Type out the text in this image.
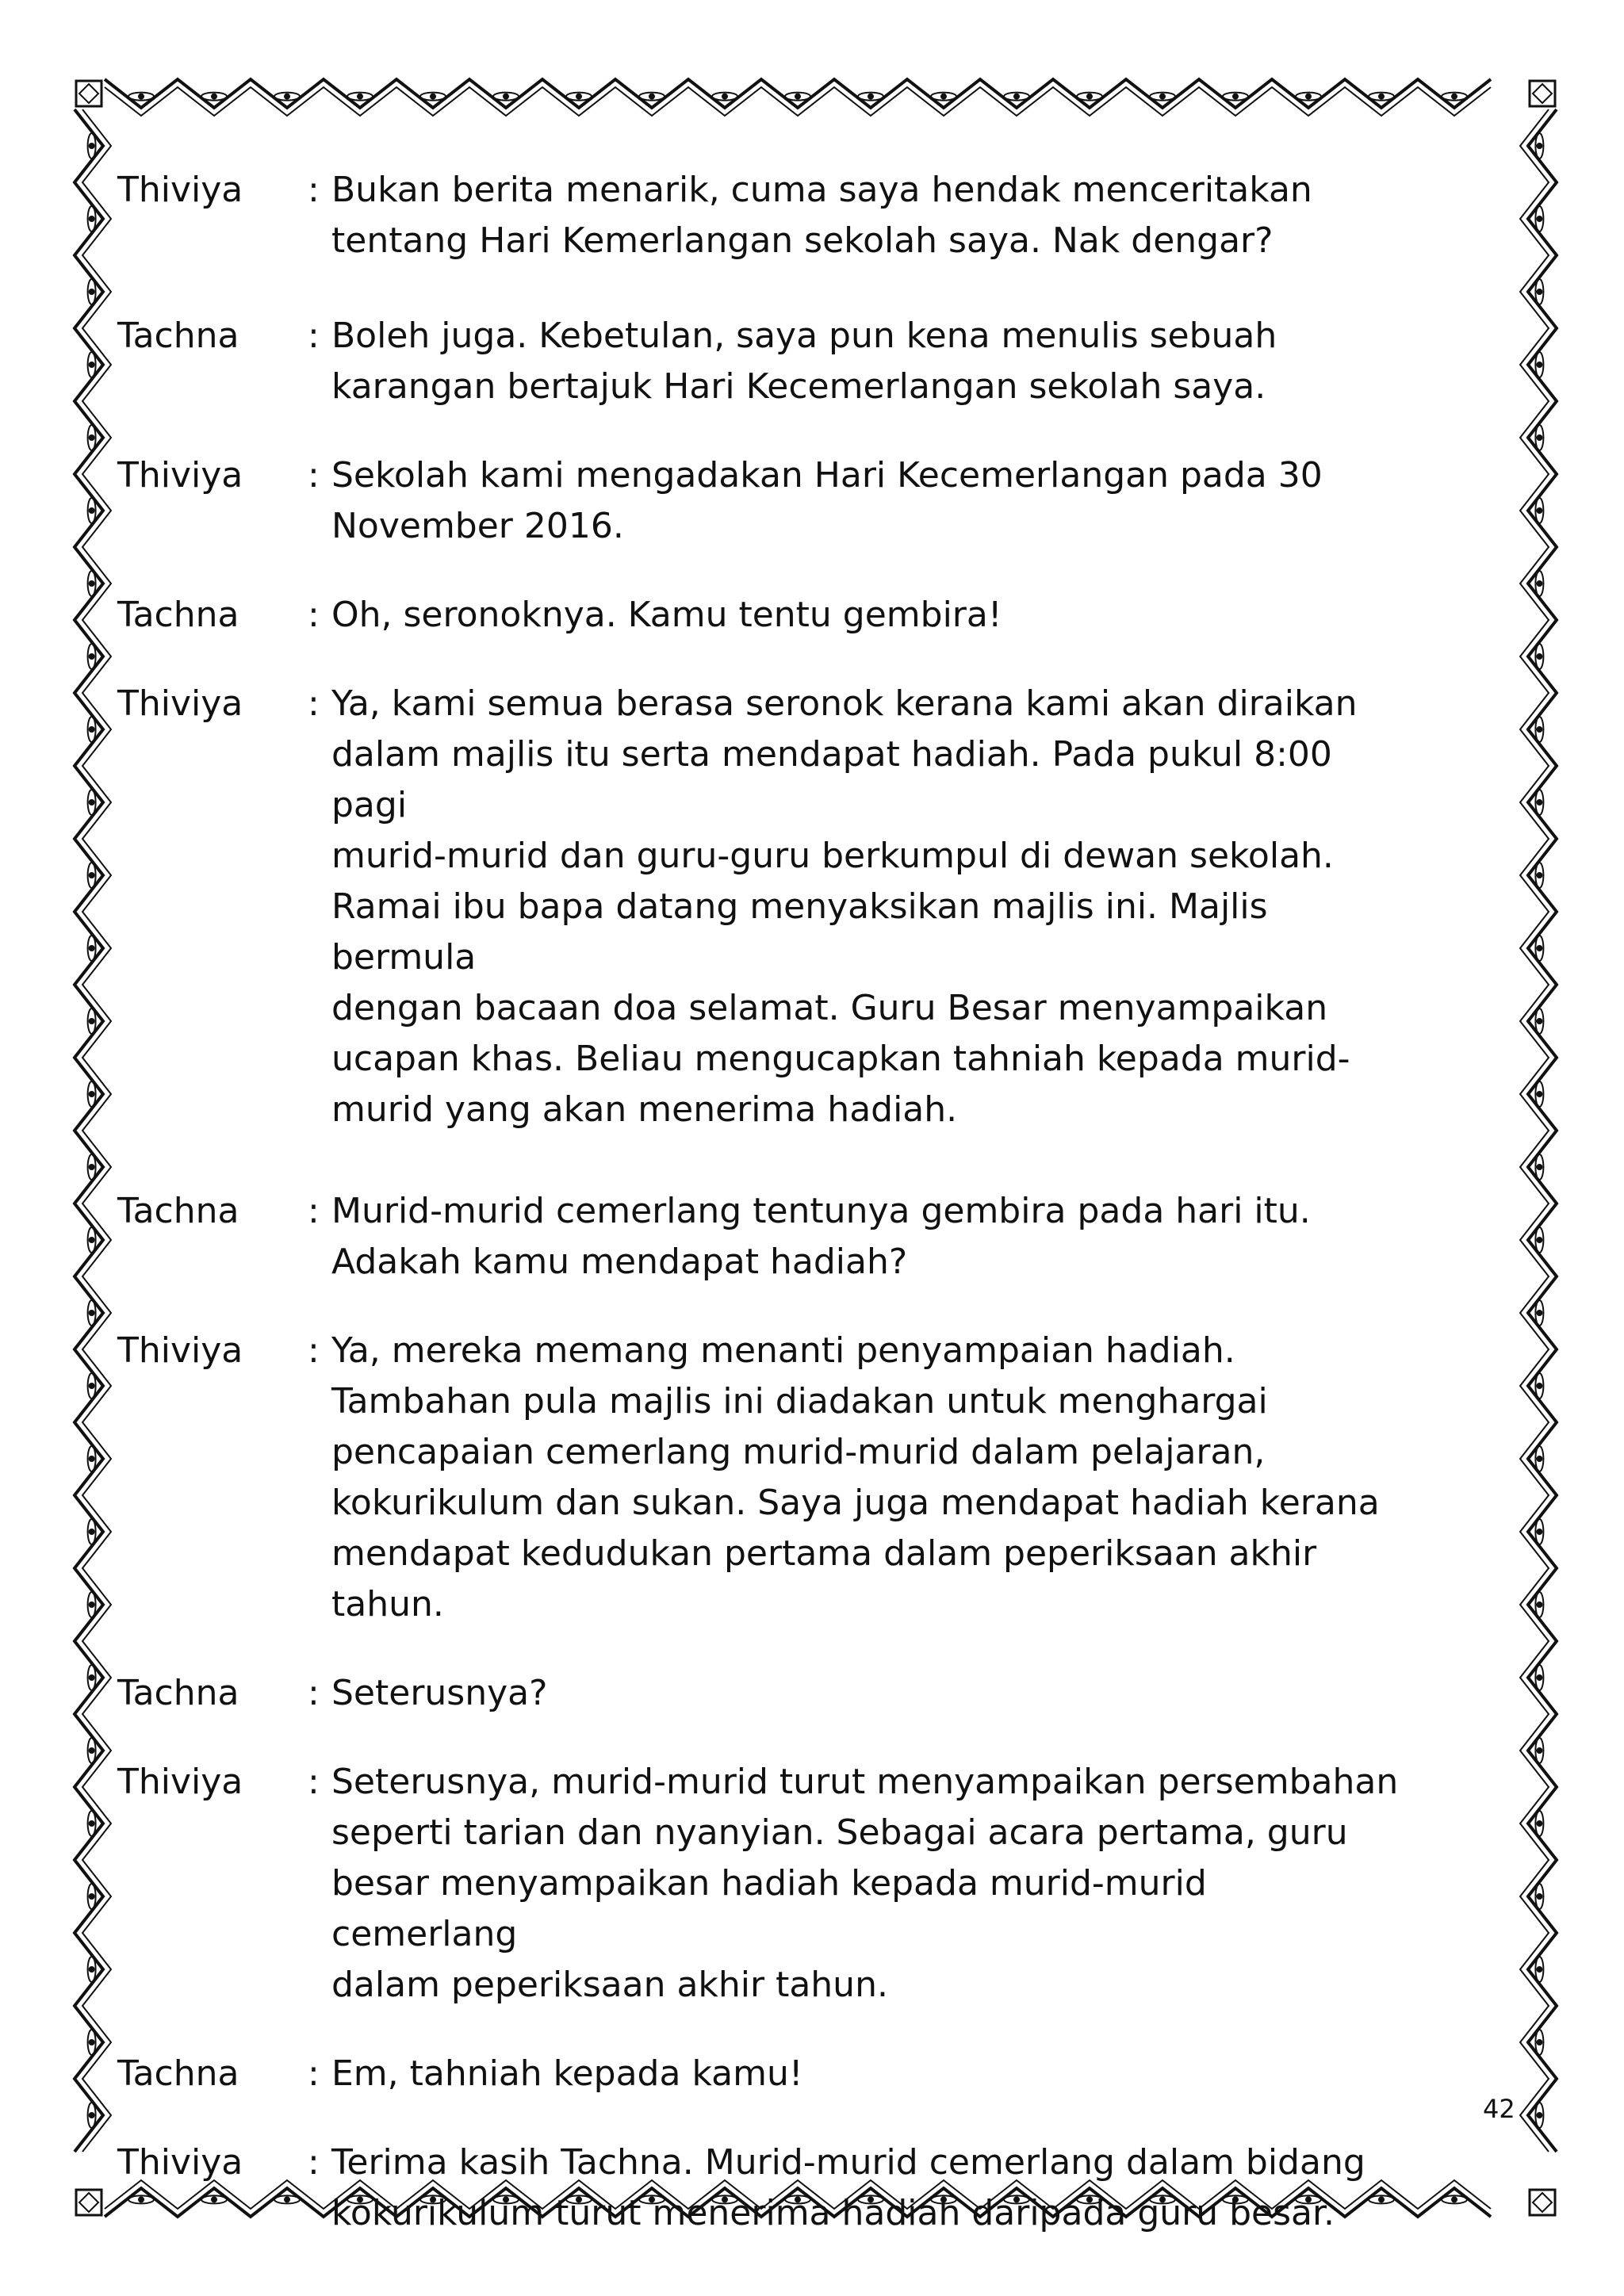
Thiviya	: Bukan berita menarik, cuma saya hendak menceritakan
tentang Hari Kemerlangan sekolah saya. Nak dengar?
Tachna	: Boleh juga. Kebetulan, saya pun kena menulis sebuah
karangan bertajuk Hari Kecemerlangan sekolah saya.
Thiviya	: Sekolah kami mengadakan Hari Kecemerlangan pada 30
November 2016.
Tachna	: Oh, seronoknya. Kamu tentu gembira!
Thiviya	: Ya, kami semua berasa seronok kerana kami akan diraikan
dalam majlis itu serta mendapat hadiah. Pada pukul 8:00 pagi
murid-murid dan guru-guru berkumpul di dewan sekolah.
Ramai ibu bapa datang menyaksikan majlis ini. Majlis bermula
dengan bacaan doa selamat. Guru Besar menyampaikan
ucapan khas. Beliau mengucapkan tahniah kepada murid-
murid yang akan menerima hadiah.
Tachna	: Murid-murid cemerlang tentunya gembira pada hari itu.
Adakah kamu mendapat hadiah?
Thiviya	: Ya, mereka memang menanti penyampaian hadiah.
Tambahan pula majlis ini diadakan untuk menghargai
pencapaian cemerlang murid-murid dalam pelajaran,
kokurikulum dan sukan. Saya juga mendapat hadiah kerana
mendapat kedudukan pertama dalam peperiksaan akhir
tahun.
Tachna	: Seterusnya?
Thiviya	: Seterusnya, murid-murid turut menyampaikan persembahan
seperti tarian dan nyanyian. Sebagai acara pertama, guru
besar menyampaikan hadiah kepada murid-murid cemerlang
dalam peperiksaan akhir tahun.
Tachna	: Em, tahniah kepada kamu!
Thiviya	: Terima kasih Tachna. Murid-murid cemerlang dalam bidang
kokurikulum turut menerima hadiah daripada guru besar.
42
